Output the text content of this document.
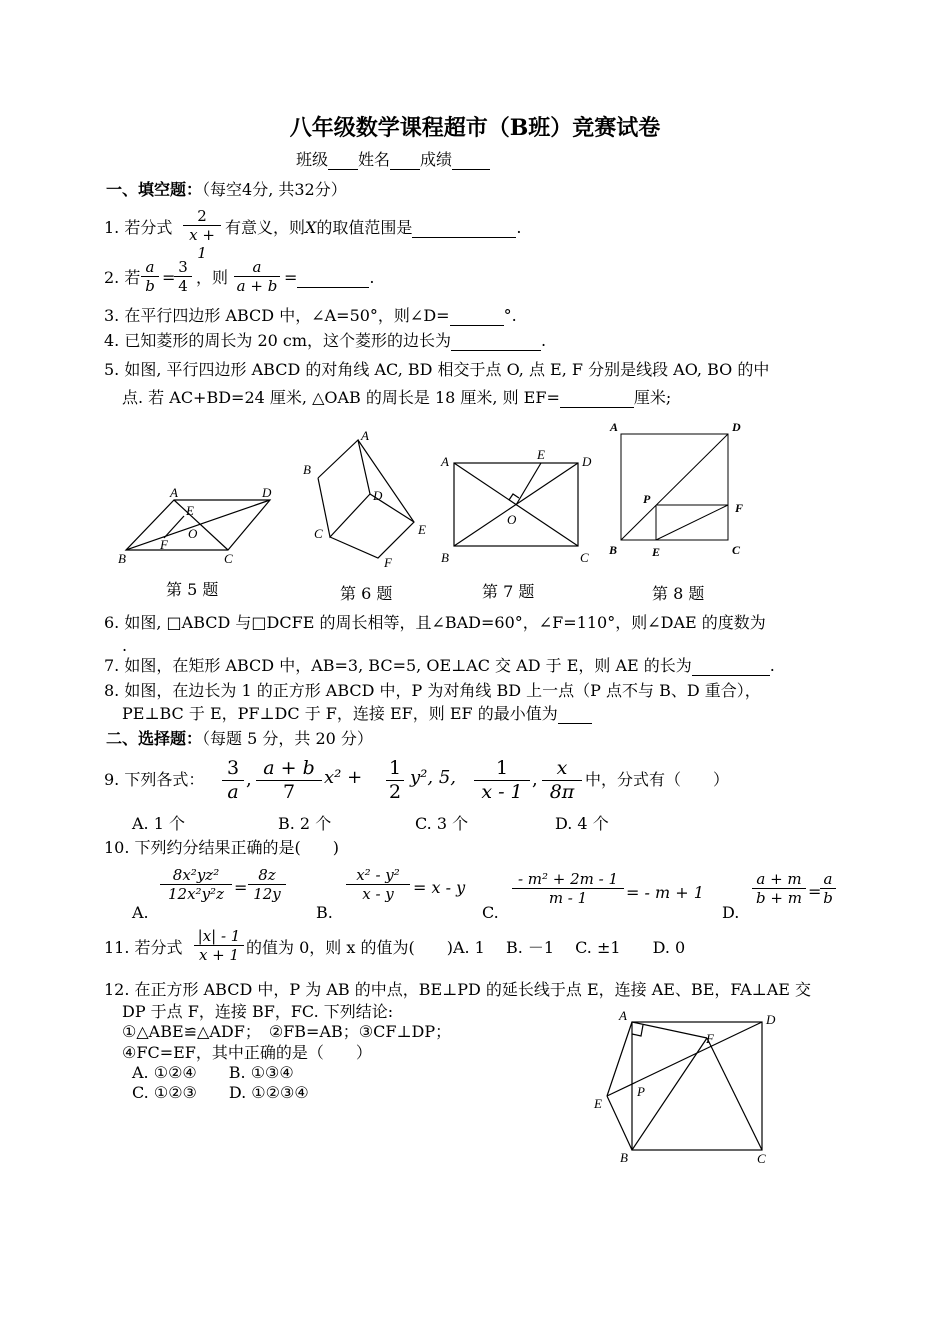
八年级数学课程超市（B班）竞赛试卷
班级 姓名 成绩
一、填空题：（每空4分, 共32分）
1. 若分式 $\frac{2}{x + 1}$ 有意义，则X的取值范围是	.
2. 若 $\frac{a}{b}$ =
$\frac{3}{4}$ ，则 $\frac{a}{a + b}$ =	.
3. 在平行四边形 ABCD 中，∠A=50°，则∠D=	°.
4. 已知菱形的周长为 20 cm，这个菱形的边长为	.
5. 如图, 平行四边形 ABCD 的对角线 AC, BD 相交于点 O, 点 E, F 分别是线段 AO, BO 的中
点. 若 AC+BD=24 厘米, △OAB 的周长是 18 厘米, 则 EF=	厘米;
A	D
B	C
E
F
O
A
B
C
D
E
F
A	D
B	C
E
O
A	D
B	C
P
F
E
A	D
E
B	C
F
P
第 5 题	第 6 题	第 7 题	第 8 题
6. 如图, □ABCD 与□DCFE 的周长相等，且∠BAD=60°，∠F=110°，则∠DAE 的度数为
.
7. 如图，在矩形 ABCD 中，AB=3, BC=5, OE⊥AC 交 AD 于 E，则 AE 的长为	.
8. 如图，在边长为 1 的正方形 ABCD 中，P 为对角线 BD 上一点（P 点不与 B、D 重合），
PE⊥BC 于 E，PF⊥DC 于 F，连接 EF，则 EF 的最小值为
二、选择题：（每题 5 分，共 20 分）
9. 下列各式： $\frac{3}{a}$ , $\frac{a + b}{7} x^2 + \frac{1}{2} y^2$, 5, $\frac{1}{x - 1}$ , $\frac{x}{8\pi}$ 中，分式有（　　）
A. 1 个	B. 2 个	C. 3 个	D. 4 个
10. 下列约分结果正确的是(　　)
A.
$\frac{\text{8x²yz²}}{\text{12x²y²z}} = \frac{8z}{12y}$
B.
$\frac{\text{x² - y²}}{x - y} = x - y$
C.
$\frac{\text{- m² + 2m - 1}}{m - 1}$ = - m + 1
D.
$\frac{a + m}{b + m}$ =
$\frac{a}{b}$
11. 若分式 $\frac{|x| - 1}{x + 1}$ 的值为 0，则 x 的值为(　　)A. 1　 B. －1　 C. ±1　　D. 0
12. 在正方形 ABCD 中，P 为 AB 的中点，BE⊥PD 的延长线于点 E，连接 AE、BE，FA⊥AE 交
DP 于点 F，连接 BF，FC. 下列结论:
①△ABE≌△ADF；　②FB=AB；③CF⊥DP；
④FC=EF，其中正确的是（　　）
A. ①②④　　B. ①③④
C. ①②③　　D. ①②③④
